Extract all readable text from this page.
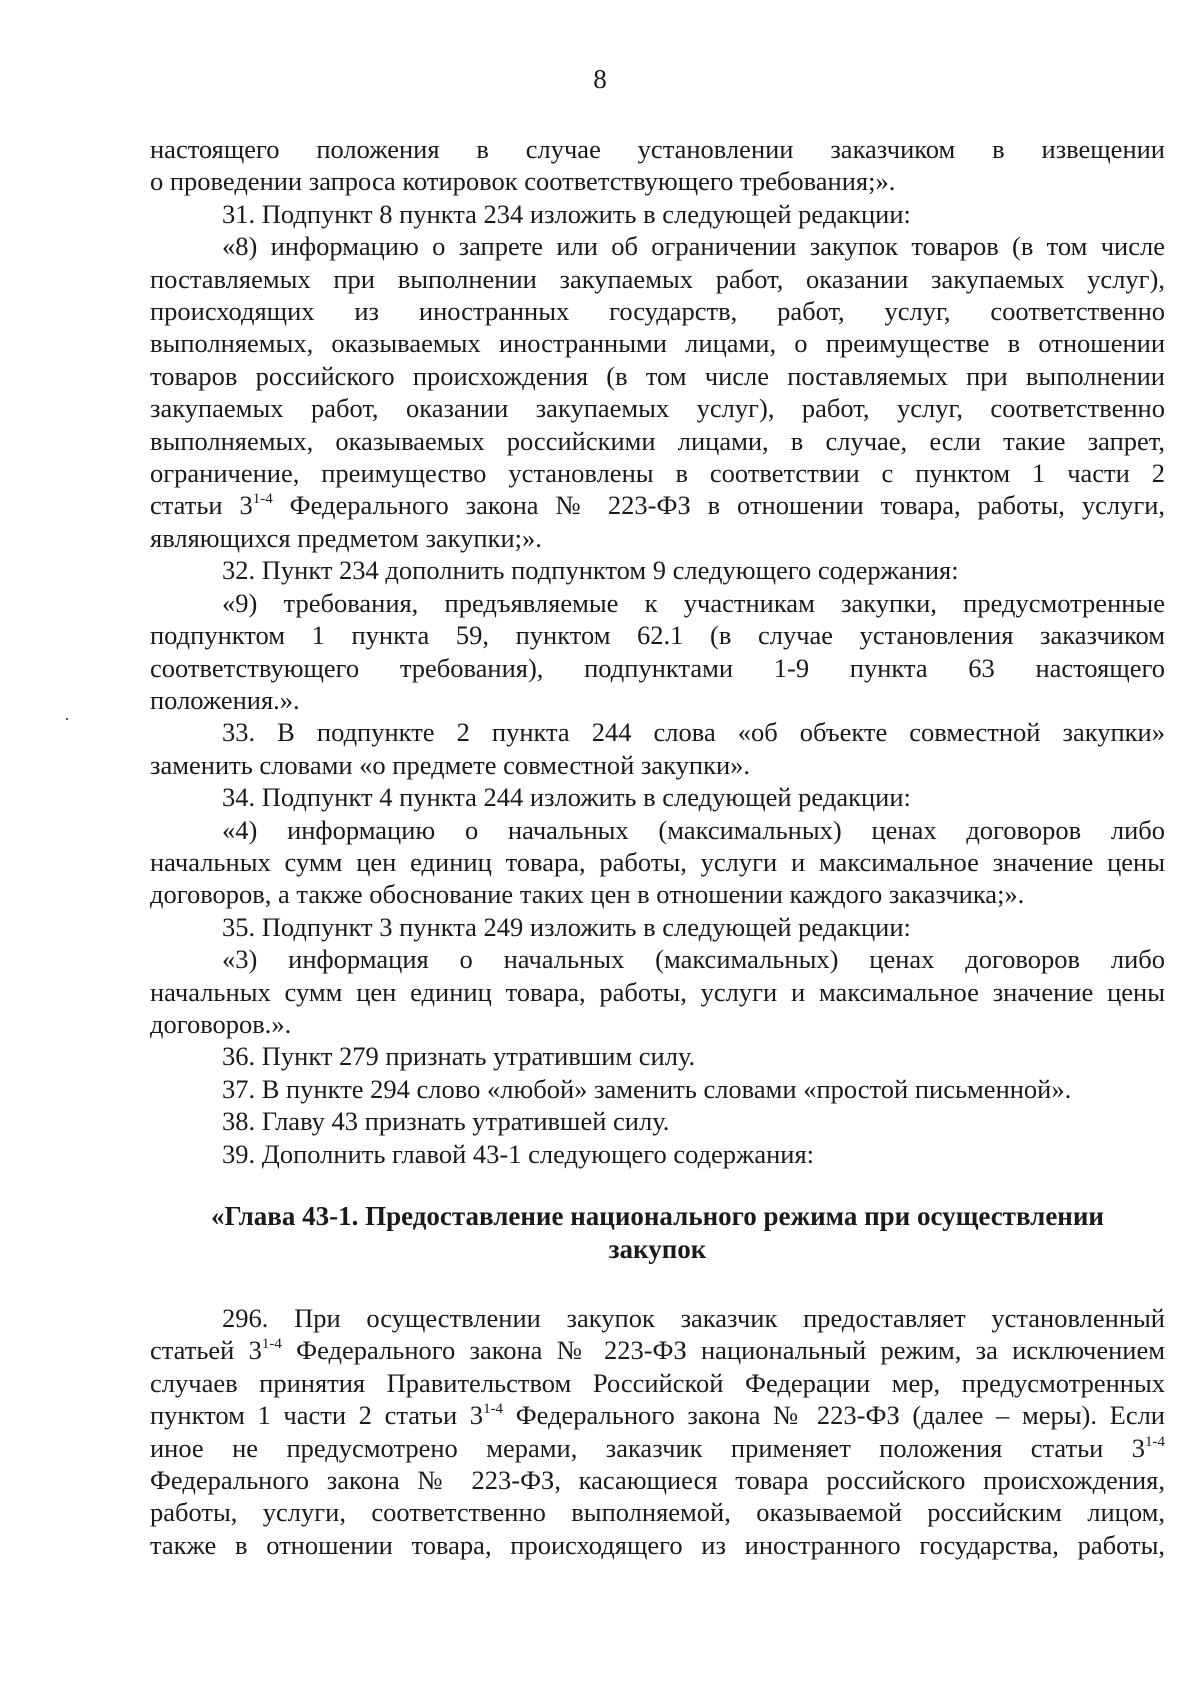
8
настоящего положения в случае установлении заказчиком в извещении
о проведении запроса котировок соответствующего требования;».
31. Подпункт 8 пункта 234 изложить в следующей редакции:
«8) информацию о запрете или об ограничении закупок товаров (в том числе
поставляемых при выполнении закупаемых работ, оказании закупаемых услуг),
происходящих из иностранных государств, работ, услуг, соответственно
выполняемых, оказываемых иностранными лицами, о преимуществе в отношении
товаров российского происхождения (в том числе поставляемых при выполнении
закупаемых работ, оказании закупаемых услуг), работ, услуг, соответственно
выполняемых, оказываемых российскими лицами, в случае, если такие запрет,
ограничение, преимущество установлены в соответствии с пунктом 1 части 2
статьи 3$^{1-4}$ Федерального закона № 223-ФЗ в отношении товара, работы, услуги,
являющихся предметом закупки;».
32. Пункт 234 дополнить подпунктом 9 следующего содержания:
«9) требования, предъявляемые к участникам закупки, предусмотренные
подпунктом 1 пункта 59, пунктом 62.1 (в случае установления заказчиком
соответствующего требования), подпунктами 1-9 пункта 63 настоящего
положения.».
33. В подпункте 2 пункта 244 слова «об объекте совместной закупки»
заменить словами «о предмете совместной закупки».
34. Подпункт 4 пункта 244 изложить в следующей редакции:
«4) информацию о начальных (максимальных) ценах договоров либо
начальных сумм цен единиц товара, работы, услуги и максимальное значение цены
договоров, а также обоснование таких цен в отношении каждого заказчика;».
35. Подпункт 3 пункта 249 изложить в следующей редакции:
«3) информация о начальных (максимальных) ценах договоров либо
начальных сумм цен единиц товара, работы, услуги и максимальное значение цены
договоров.».
36. Пункт 279 признать утратившим силу.
37. В пункте 294 слово «любой» заменить словами «простой письменной».
38. Главу 43 признать утратившей силу.
39. Дополнить главой 43-1 следующего содержания:
«Глава 43-1. Предоставление национального режима при осуществлении
закупок
296. При осуществлении закупок заказчик предоставляет установленный
статьей 3$^{1-4}$ Федерального закона № 223-ФЗ национальный режим, за исключением
случаев принятия Правительством Российской Федерации мер, предусмотренных
пунктом 1 части 2 статьи 3$^{1-4}$ Федерального закона № 223-ФЗ (далее – меры). Если
иное не предусмотрено мерами, заказчик применяет положения статьи 3$^{1-4}$
Федерального закона № 223-ФЗ, касающиеся товара российского происхождения,
работы, услуги, соответственно выполняемой, оказываемой российским лицом,
также в отношении товара, происходящего из иностранного государства, работы,
